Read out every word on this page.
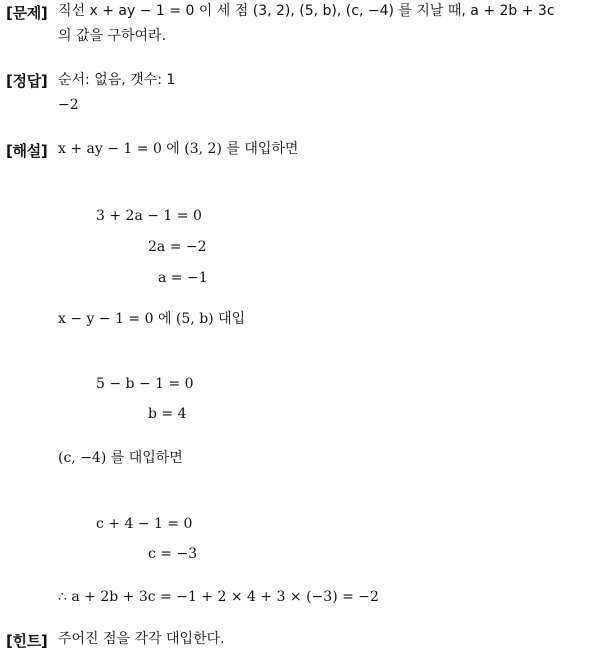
[문제] 직선 x + ay − 1 = 0 이 세 점 (3, 2), (5, b), (c, −4) 를 지날 때, a + 2b + 3c
의 값을 구하여라.
[정답] 순서: 없음, 갯수: 1
−2
[해설] x + ay − 1 = 0 에 (3, 2) 를 대입하면
3 + 2a − 1 = 0
2a = −2
a = −1
x − y − 1 = 0 에 (5, b) 대입
5 − b − 1 = 0
b = 4
(c, −4) 를 대입하면
c + 4 − 1 = 0
c = −3
∴ a + 2b + 3c = −1 + 2 × 4 + 3 × (−3) = −2
[힌트] 주어진 점을 각각 대입한다.
